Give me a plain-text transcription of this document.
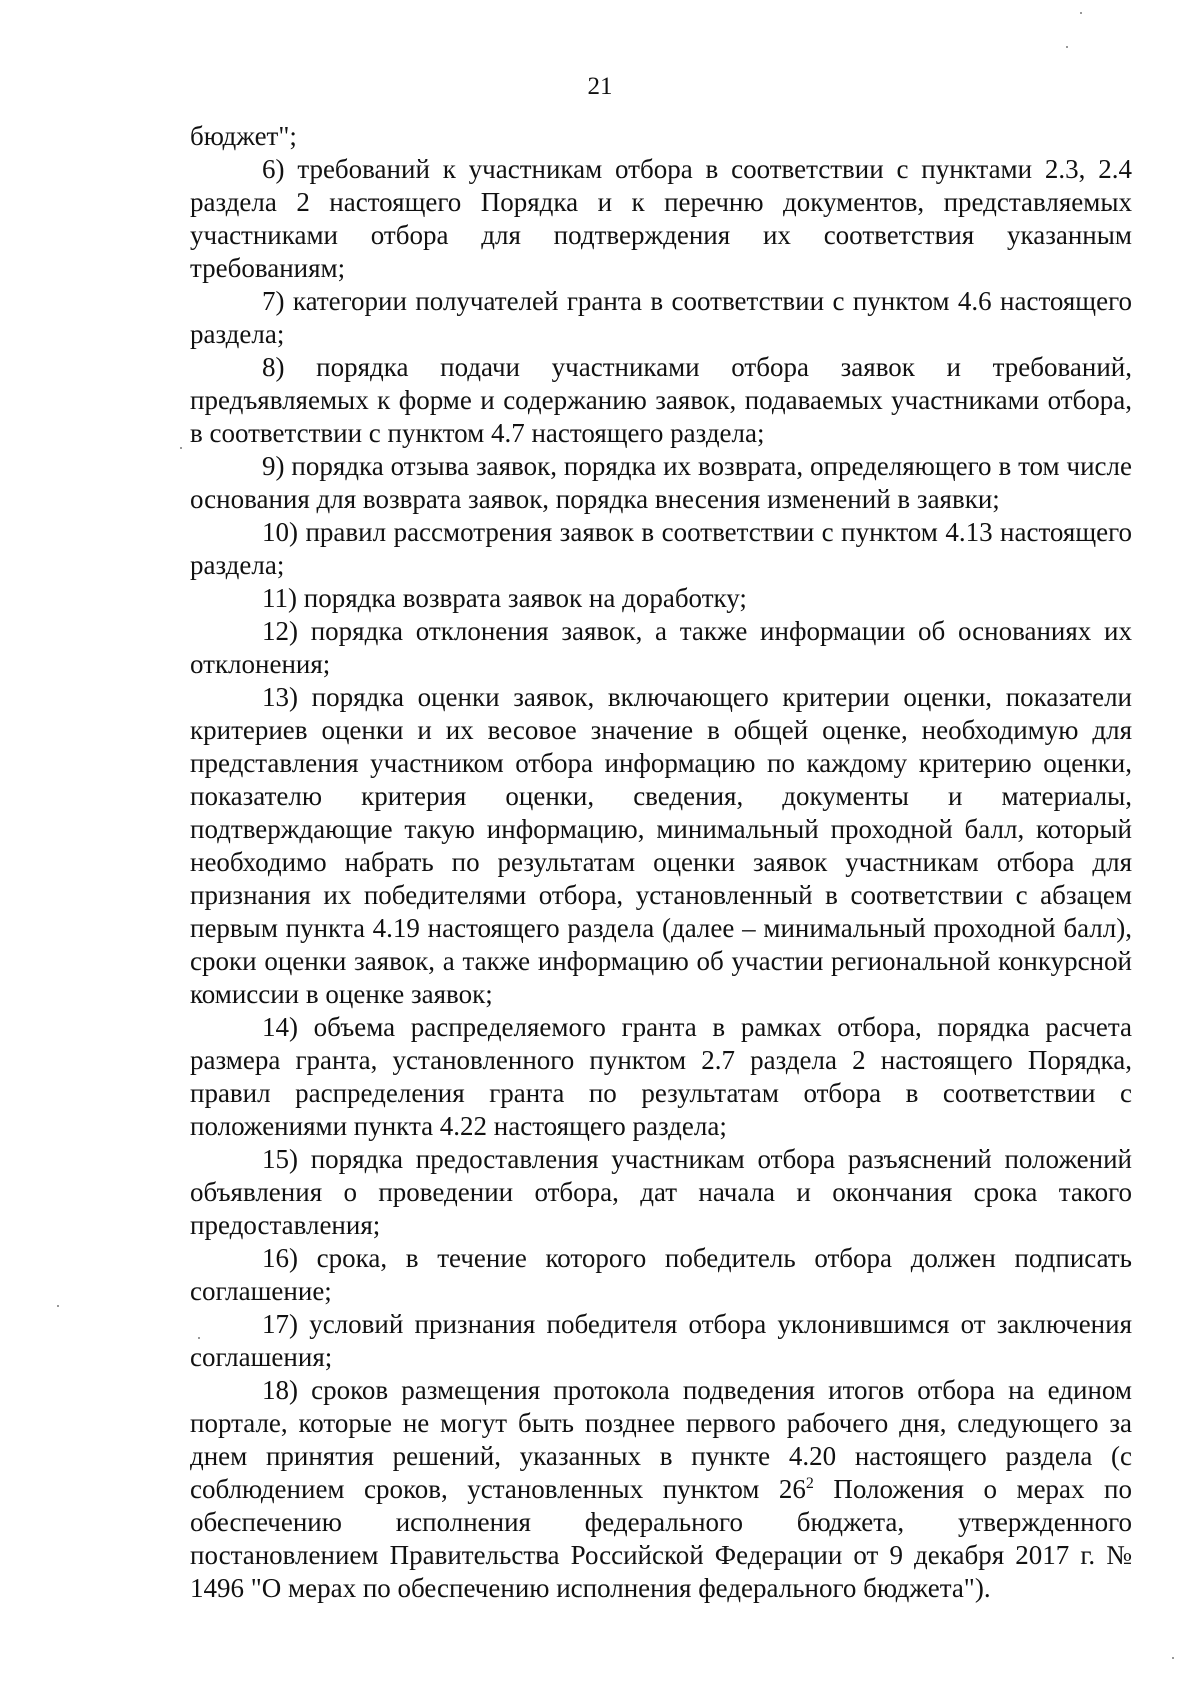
21

бюджет";

6) требований к участникам отбора в соответствии с пунктами 2.3, 2.4 раздела 2 настоящего Порядка и к перечню документов, представляемых участниками отбора для подтверждения их соответствия указанным требованиям;

7) категории получателей гранта в соответствии с пунктом 4.6 настоящего раздела;

8) порядка подачи участниками отбора заявок и требований, предъявляемых к форме и содержанию заявок, подаваемых участниками отбора, в соответствии с пунктом 4.7 настоящего раздела;

9) порядка отзыва заявок, порядка их возврата, определяющего в том числе основания для возврата заявок, порядка внесения изменений в заявки;

10) правил рассмотрения заявок в соответствии с пунктом 4.13 настоящего раздела;

11) порядка возврата заявок на доработку;

12) порядка отклонения заявок, а также информации об основаниях их отклонения;

13) порядка оценки заявок, включающего критерии оценки, показатели критериев оценки и их весовое значение в общей оценке, необходимую для представления участником отбора информацию по каждому критерию оценки, показателю критерия оценки, сведения, документы и материалы, подтверждающие такую информацию, минимальный проходной балл, который необходимо набрать по результатам оценки заявок участникам отбора для признания их победителями отбора, установленный в соответствии с абзацем первым пункта 4.19 настоящего раздела (далее – минимальный проходной балл), сроки оценки заявок, а также информацию об участии региональной конкурсной комиссии в оценке заявок;

14) объема распределяемого гранта в рамках отбора, порядка расчета размера гранта, установленного пунктом 2.7 раздела 2 настоящего Порядка, правил распределения гранта по результатам отбора в соответствии с положениями пункта 4.22 настоящего раздела;

15) порядка предоставления участникам отбора разъяснений положений объявления о проведении отбора, дат начала и окончания срока такого предоставления;

16) срока, в течение которого победитель отбора должен подписать соглашение;

17) условий признания победителя отбора уклонившимся от заключения соглашения;

18) сроков размещения протокола подведения итогов отбора на едином портале, которые не могут быть позднее первого рабочего дня, следующего за днем принятия решений, указанных в пункте 4.20 настоящего раздела (с соблюдением сроков, установленных пунктом $26^2$ Положения о мерах по обеспечению исполнения федерального бюджета, утвержденного постановлением Правительства Российской Федерации от 9 декабря 2017 г. № 1496 "О мерах по обеспечению исполнения федерального бюджета").
